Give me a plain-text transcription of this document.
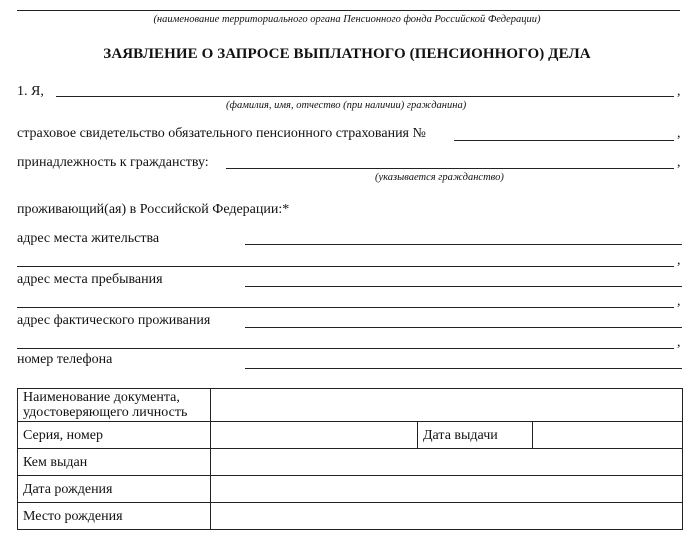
(наименование территориального органа Пенсионного фонда Российской Федерации)
ЗАЯВЛЕНИЕ О ЗАПРОСЕ ВЫПЛАТНОГО (ПЕНСИОННОГО) ДЕЛА
1. Я,	,
(фамилия, имя, отчество (при наличии) гражданина)
страховое свидетельство обязательного пенсионного страхования №	,
принадлежность к гражданству:	,
(указывается гражданство)
проживающий(ая) в Российской Федерации:*
адрес места жительства
,
адрес места пребывания
,
адрес фактического проживания
,
номер телефона
Наименование документа, удостоверяющего личность			
Серия, номер		Дата выдачи	
Кем выдан			
Дата рождения			
Место рождения			
